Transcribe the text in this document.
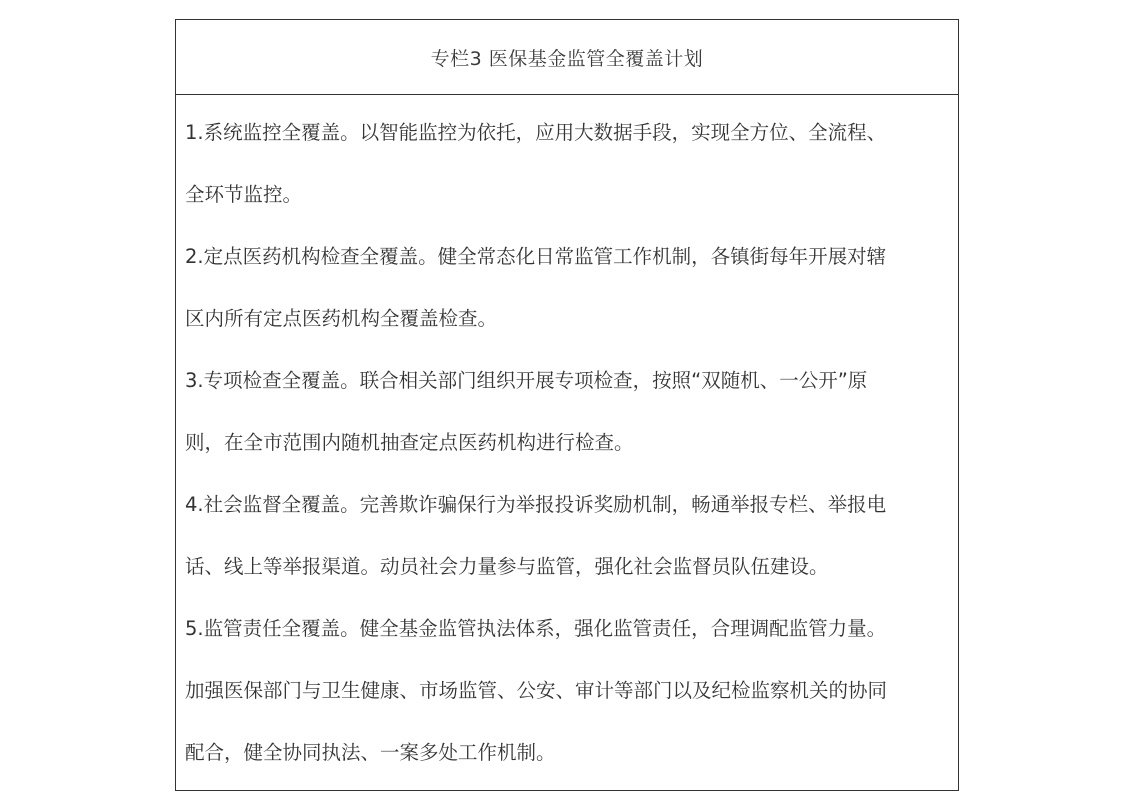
专栏3 医保基金监管全覆盖计划
1.系统监控全覆盖。以智能监控为依托，应用大数据手段，实现全方位、全流程、
全环节监控。
2.定点医药机构检查全覆盖。健全常态化日常监管工作机制，各镇街每年开展对辖
区内所有定点医药机构全覆盖检查。
3.专项检查全覆盖。联合相关部门组织开展专项检查，按照“双随机、一公开”原
则，在全市范围内随机抽查定点医药机构进行检查。
4.社会监督全覆盖。完善欺诈骗保行为举报投诉奖励机制，畅通举报专栏、举报电
话、线上等举报渠道。动员社会力量参与监管，强化社会监督员队伍建设。
5.监管责任全覆盖。健全基金监管执法体系，强化监管责任，合理调配监管力量。
加强医保部门与卫生健康、市场监管、公安、审计等部门以及纪检监察机关的协同
配合，健全协同执法、一案多处工作机制。
